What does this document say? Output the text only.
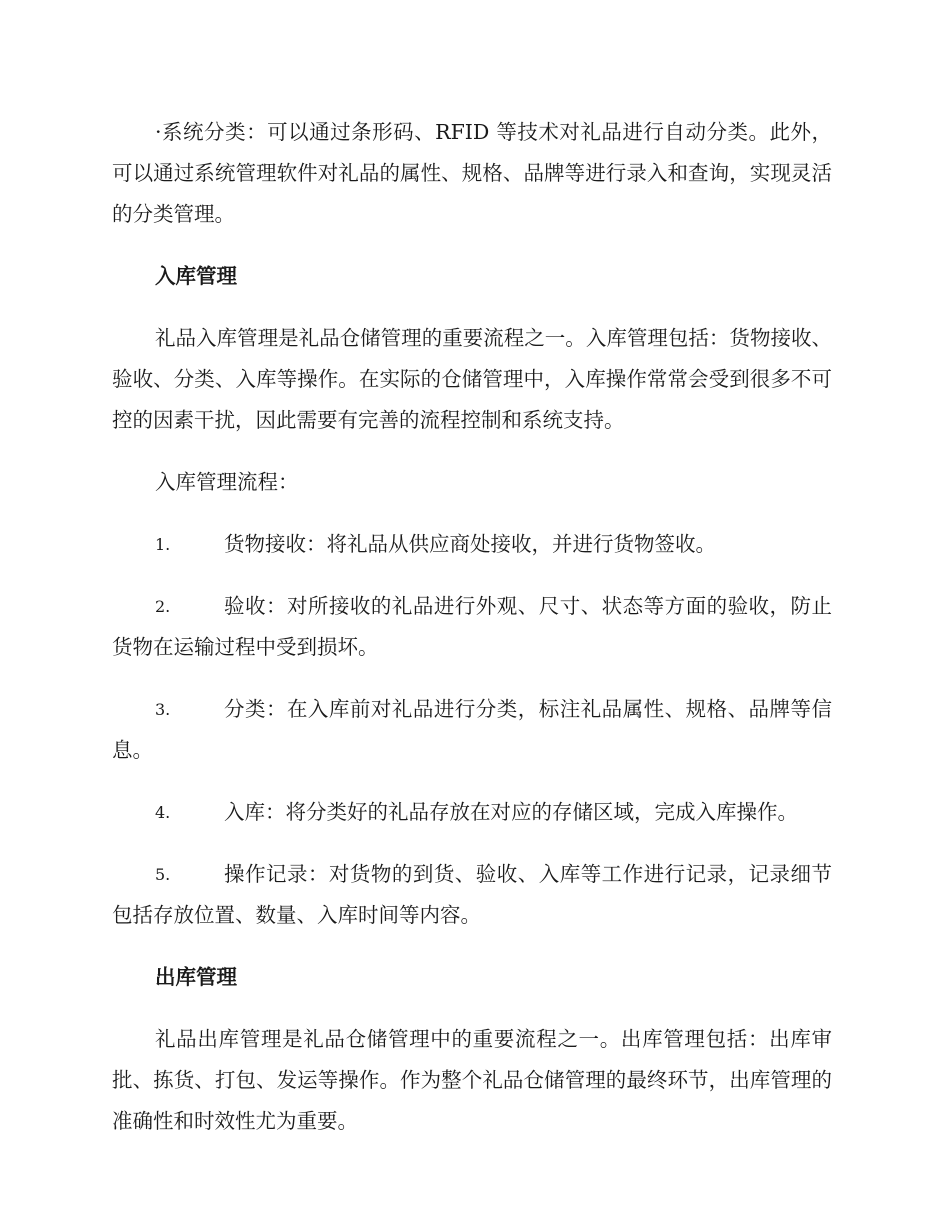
·系统分类：可以通过条形码、RFID 等技术对礼品进行自动分类。此外，可以通过系统管理软件对礼品的属性、规格、品牌等进行录入和查询，实现灵活的分类管理。

入库管理

礼品入库管理是礼品仓储管理的重要流程之一。入库管理包括：货物接收、验收、分类、入库等操作。在实际的仓储管理中，入库操作常常会受到很多不可控的因素干扰，因此需要有完善的流程控制和系统支持。

入库管理流程：

1.	货物接收：将礼品从供应商处接收，并进行货物签收。
2.	验收：对所接收的礼品进行外观、尺寸、状态等方面的验收，防止货物在运输过程中受到损坏。
3.	分类：在入库前对礼品进行分类，标注礼品属性、规格、品牌等信息。
4.	入库：将分类好的礼品存放在对应的存储区域，完成入库操作。
5.	操作记录：对货物的到货、验收、入库等工作进行记录，记录细节包括存放位置、数量、入库时间等内容。
出库管理

礼品出库管理是礼品仓储管理中的重要流程之一。出库管理包括：出库审批、拣货、打包、发运等操作。作为整个礼品仓储管理的最终环节，出库管理的准确性和时效性尤为重要。
